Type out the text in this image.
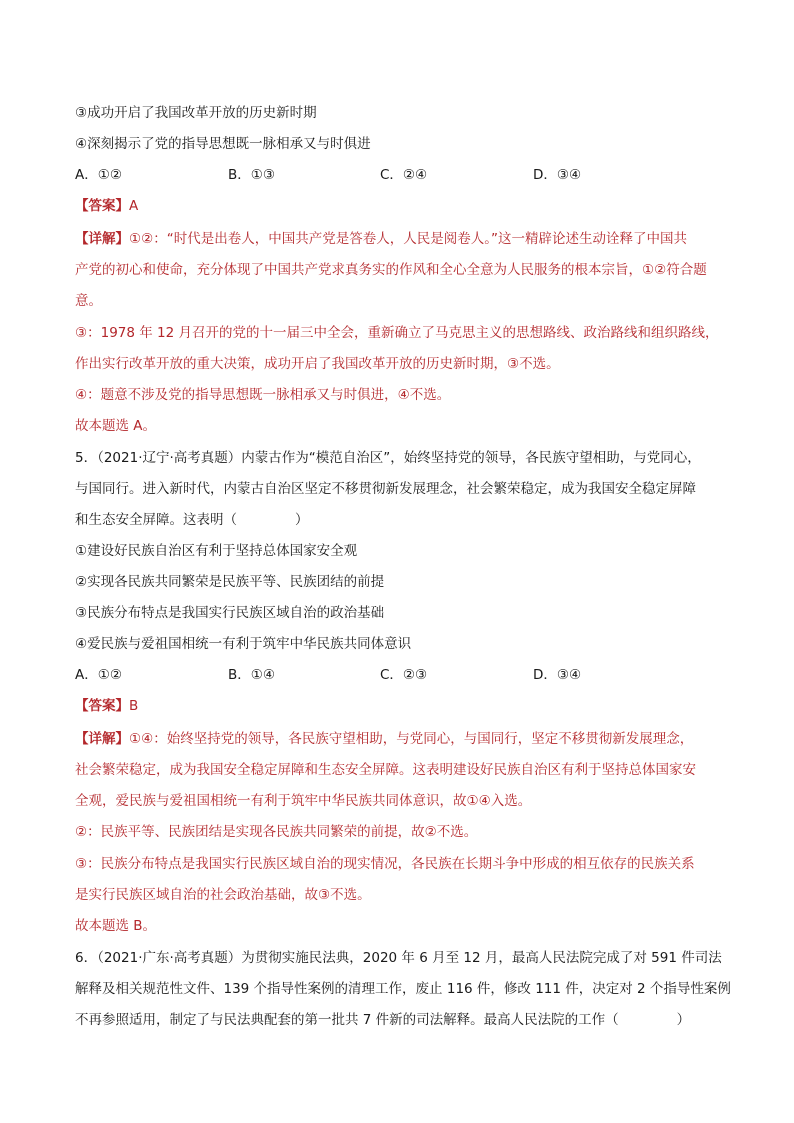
③成功开启了我国改革开放的历史新时期
④深刻揭示了党的指导思想既一脉相承又与时俱进
A．①②	B．①③	C．②④	D．③④
【答案】A
【详解】①②：“时代是出卷人，中国共产党是答卷人，人民是阅卷人。”这一精辟论述生动诠释了中国共
产党的初心和使命，充分体现了中国共产党求真务实的作风和全心全意为人民服务的根本宗旨，①②符合题
意。
③：1978 年 12 月召开的党的十一届三中全会，重新确立了马克思主义的思想路线、政治路线和组织路线，
作出实行改革开放的重大决策，成功开启了我国改革开放的历史新时期，③不选。
④：题意不涉及党的指导思想既一脉相承又与时俱进，④不选。
故本题选 A。
5．（2021·辽宁·高考真题）内蒙古作为“模范自治区”，始终坚持党的领导，各民族守望相助，与党同心，
与国同行。进入新时代，内蒙古自治区坚定不移贯彻新发展理念，社会繁荣稳定，成为我国安全稳定屏障
和生态安全屏障。这表明（	）
①建设好民族自治区有利于坚持总体国家安全观
②实现各民族共同繁荣是民族平等、民族团结的前提
③民族分布特点是我国实行民族区域自治的政治基础
④爱民族与爱祖国相统一有利于筑牢中华民族共同体意识
A．①②	B．①④	C．②③	D．③④
【答案】B
【详解】①④：始终坚持党的领导，各民族守望相助，与党同心，与国同行，坚定不移贯彻新发展理念，
社会繁荣稳定，成为我国安全稳定屏障和生态安全屏障。这表明建设好民族自治区有利于坚持总体国家安
全观，爱民族与爱祖国相统一有利于筑牢中华民族共同体意识，故①④入选。
②：民族平等、民族团结是实现各民族共同繁荣的前提，故②不选。
③：民族分布特点是我国实行民族区域自治的现实情况，各民族在长期斗争中形成的相互依存的民族关系
是实行民族区域自治的社会政治基础，故③不选。
故本题选 B。
6．（2021·广东·高考真题）为贯彻实施民法典，2020 年 6 月至 12 月，最高人民法院完成了对 591 件司法
解释及相关规范性文件、139 个指导性案例的清理工作，废止 116 件，修改 111 件，决定对 2 个指导性案例
不再参照适用，制定了与民法典配套的第一批共 7 件新的司法解释。最高人民法院的工作（	）
